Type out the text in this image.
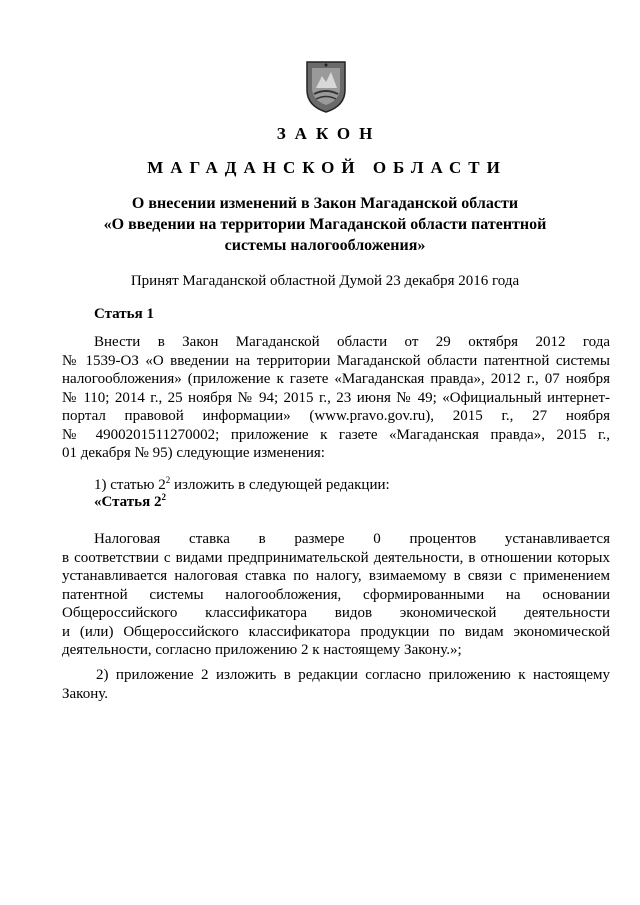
ЗАКОН
МАГАДАНСКОЙ ОБЛАСТИ
О внесении изменений в Закон Магаданской области
«О введении на территории Магаданской области патентной
системы налогообложения»
Принят Магаданской областной Думой 23 декабря 2016 года
Статья 1
Внести в Закон Магаданской области от 29 октября 2012 года
№ 1539-ОЗ «О введении на территории Магаданской области патентной системы
налогообложения» (приложение к газете «Магаданская правда», 2012 г., 07 ноября
№ 110; 2014 г., 25 ноября № 94; 2015 г., 23 июня № 49; «Официальный интернет-
портал правовой информации» (www.pravo.gov.ru), 2015 г., 27 ноября
№ 4900201511270002; приложение к газете «Магаданская правда», 2015 г.,
01 декабря № 95) следующие изменения:
1) статью $2^2$ изложить в следующей редакции:
«Статья $2^2$
Налоговая ставка в размере 0 процентов устанавливается
в соответствии с видами предпринимательской деятельности, в отношении которых
устанавливается налоговая ставка по налогу, взимаемому в связи с применением
патентной системы налогообложения, сформированными на основании
Общероссийского классификатора видов экономической деятельности
и (или) Общероссийского классификатора продукции по видам экономической
деятельности, согласно приложению 2 к настоящему Закону.»;
2) приложение 2 изложить в редакции согласно приложению к настоящему
Закону.
